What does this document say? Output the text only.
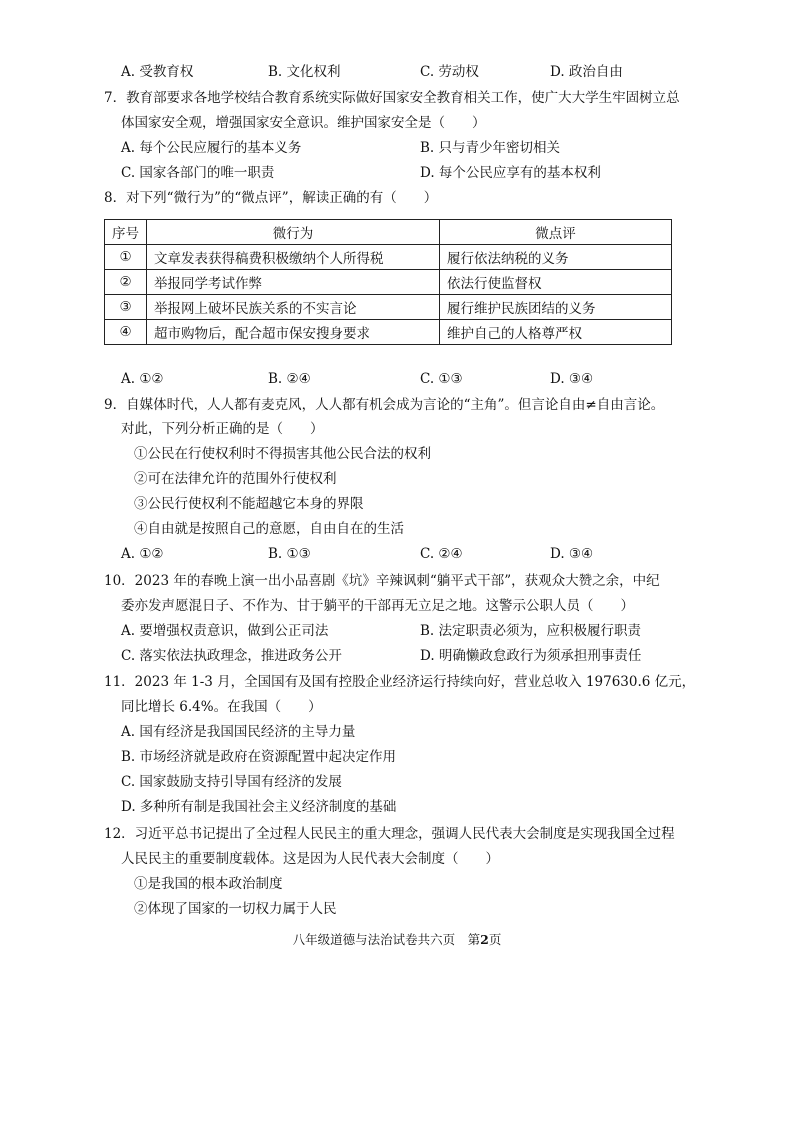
A. 受教育权	B. 文化权利	C. 劳动权	D. 政治自由
7．教育部要求各地学校结合教育系统实际做好国家安全教育相关工作，使广大大学生牢固树立总
体国家安全观，增强国家安全意识。维护国家安全是（　　）
A. 每个公民应履行的基本义务	B. 只与青少年密切相关
C. 国家各部门的唯一职责	D. 每个公民应享有的基本权利
8．对下列“微行为”的“微点评”，解读正确的有（　　）
序号	微行为	微点评
①	文章发表获得稿费积极缴纳个人所得税	履行依法纳税的义务
②	举报同学考试作弊	依法行使监督权
③	举报网上破坏民族关系的不实言论	履行维护民族团结的义务
④	超市购物后，配合超市保安搜身要求	维护自己的人格尊严权
A. ①②	B. ②④	C. ①③	D. ③④
9．自媒体时代，人人都有麦克风，人人都有机会成为言论的“主角”。但言论自由≠自由言论。
对此，下列分析正确的是（　　）
①公民在行使权利时不得损害其他公民合法的权利
②可在法律允许的范围外行使权利
③公民行使权利不能超越它本身的界限
④自由就是按照自己的意愿，自由自在的生活
A. ①②	B. ①③	C. ②④	D. ③④
10．2023 年的春晚上演一出小品喜剧《坑》辛辣讽刺“躺平式干部”，获观众大赞之余，中纪
委亦发声愿混日子、不作为、甘于躺平的干部再无立足之地。这警示公职人员（　　）
A. 要增强权责意识，做到公正司法	B. 法定职责必须为，应积极履行职责
C. 落实依法执政理念，推进政务公开	D. 明确懒政怠政行为须承担刑事责任
11．2023 年 1-3 月，全国国有及国有控股企业经济运行持续向好，营业总收入 197630.6 亿元，
同比增长 6.4%。在我国（　　）
A. 国有经济是我国国民经济的主导力量
B. 市场经济就是政府在资源配置中起决定作用
C. 国家鼓励支持引导国有经济的发展
D. 多种所有制是我国社会主义经济制度的基础
12．习近平总书记提出了全过程人民民主的重大理念，强调人民代表大会制度是实现我国全过程
人民民主的重要制度载体。这是因为人民代表大会制度（　　）
①是我国的根本政治制度
②体现了国家的一切权力属于人民
八年级道德与法治试卷共六页　第2页
